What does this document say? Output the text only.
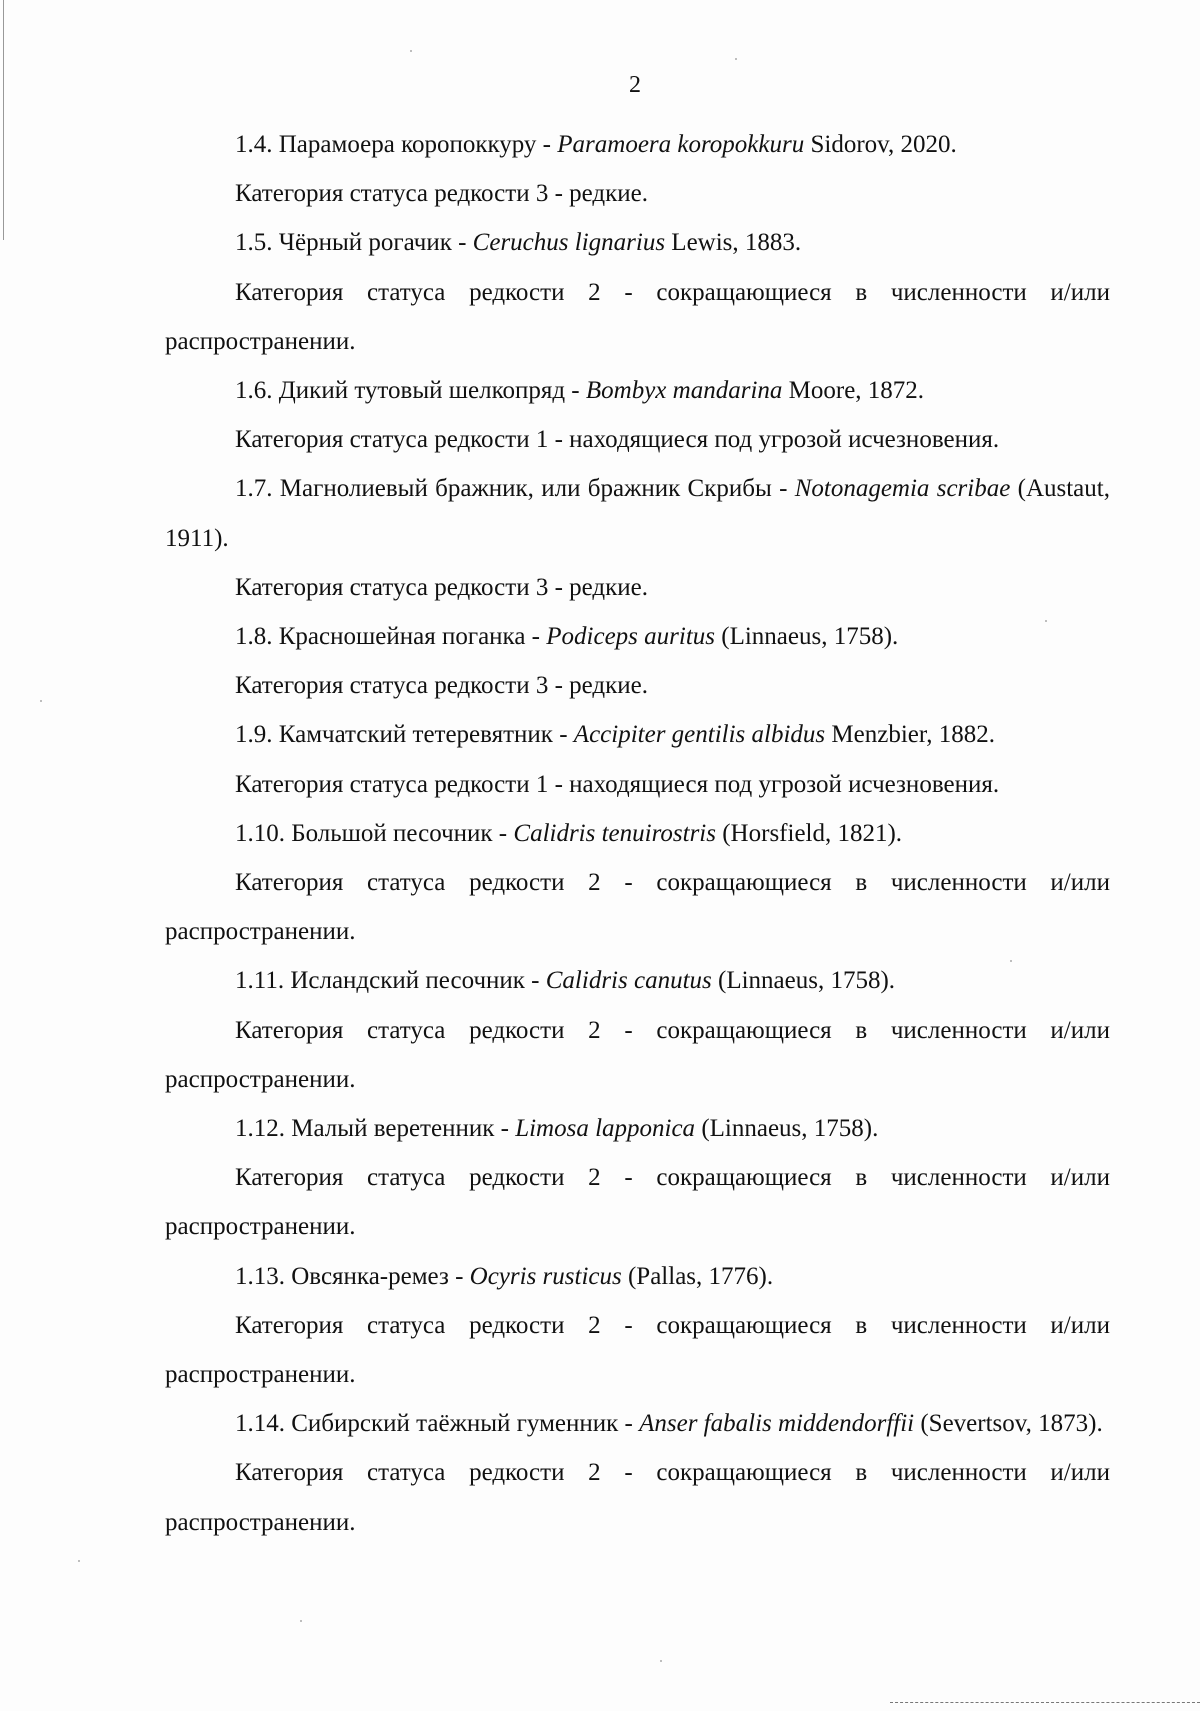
2

1.4. Парамоера коропоккуру - Paramoera koropokkuru Sidorov, 2020.

Категория статуса редкости 3 - редкие.

1.5. Чёрный рогачик - Ceruchus lignarius Lewis, 1883.

Категория статуса редкости 2 - сокращающиеся в численности и/или распространении.

1.6. Дикий тутовый шелкопряд - Bombyx mandarina Moore, 1872.

Категория статуса редкости 1 - находящиеся под угрозой исчезновения.

1.7. Магнолиевый бражник, или бражник Скрибы - Notonagemia scribae (Austaut, 1911).

Категория статуса редкости 3 - редкие.

1.8. Красношейная поганка - Podiceps auritus (Linnaeus, 1758).

Категория статуса редкости 3 - редкие.

1.9. Камчатский тетеревятник - Accipiter gentilis albidus Menzbier, 1882.

Категория статуса редкости 1 - находящиеся под угрозой исчезновения.

1.10. Большой песочник - Calidris tenuirostris (Horsfield, 1821).

Категория статуса редкости 2 - сокращающиеся в численности и/или распространении.

1.11. Исландский песочник - Calidris canutus (Linnaeus, 1758).

Категория статуса редкости 2 - сокращающиеся в численности и/или распространении.

1.12. Малый веретенник - Limosa lapponica (Linnaeus, 1758).

Категория статуса редкости 2 - сокращающиеся в численности и/или распространении.

1.13. Овсянка-ремез - Ocyris rusticus (Pallas, 1776).

Категория статуса редкости 2 - сокращающиеся в численности и/или распространении.

1.14. Сибирский таёжный гуменник - Anser fabalis middendorffii (Severtsov, 1873).

Категория статуса редкости 2 - сокращающиеся в численности и/или распространении.
